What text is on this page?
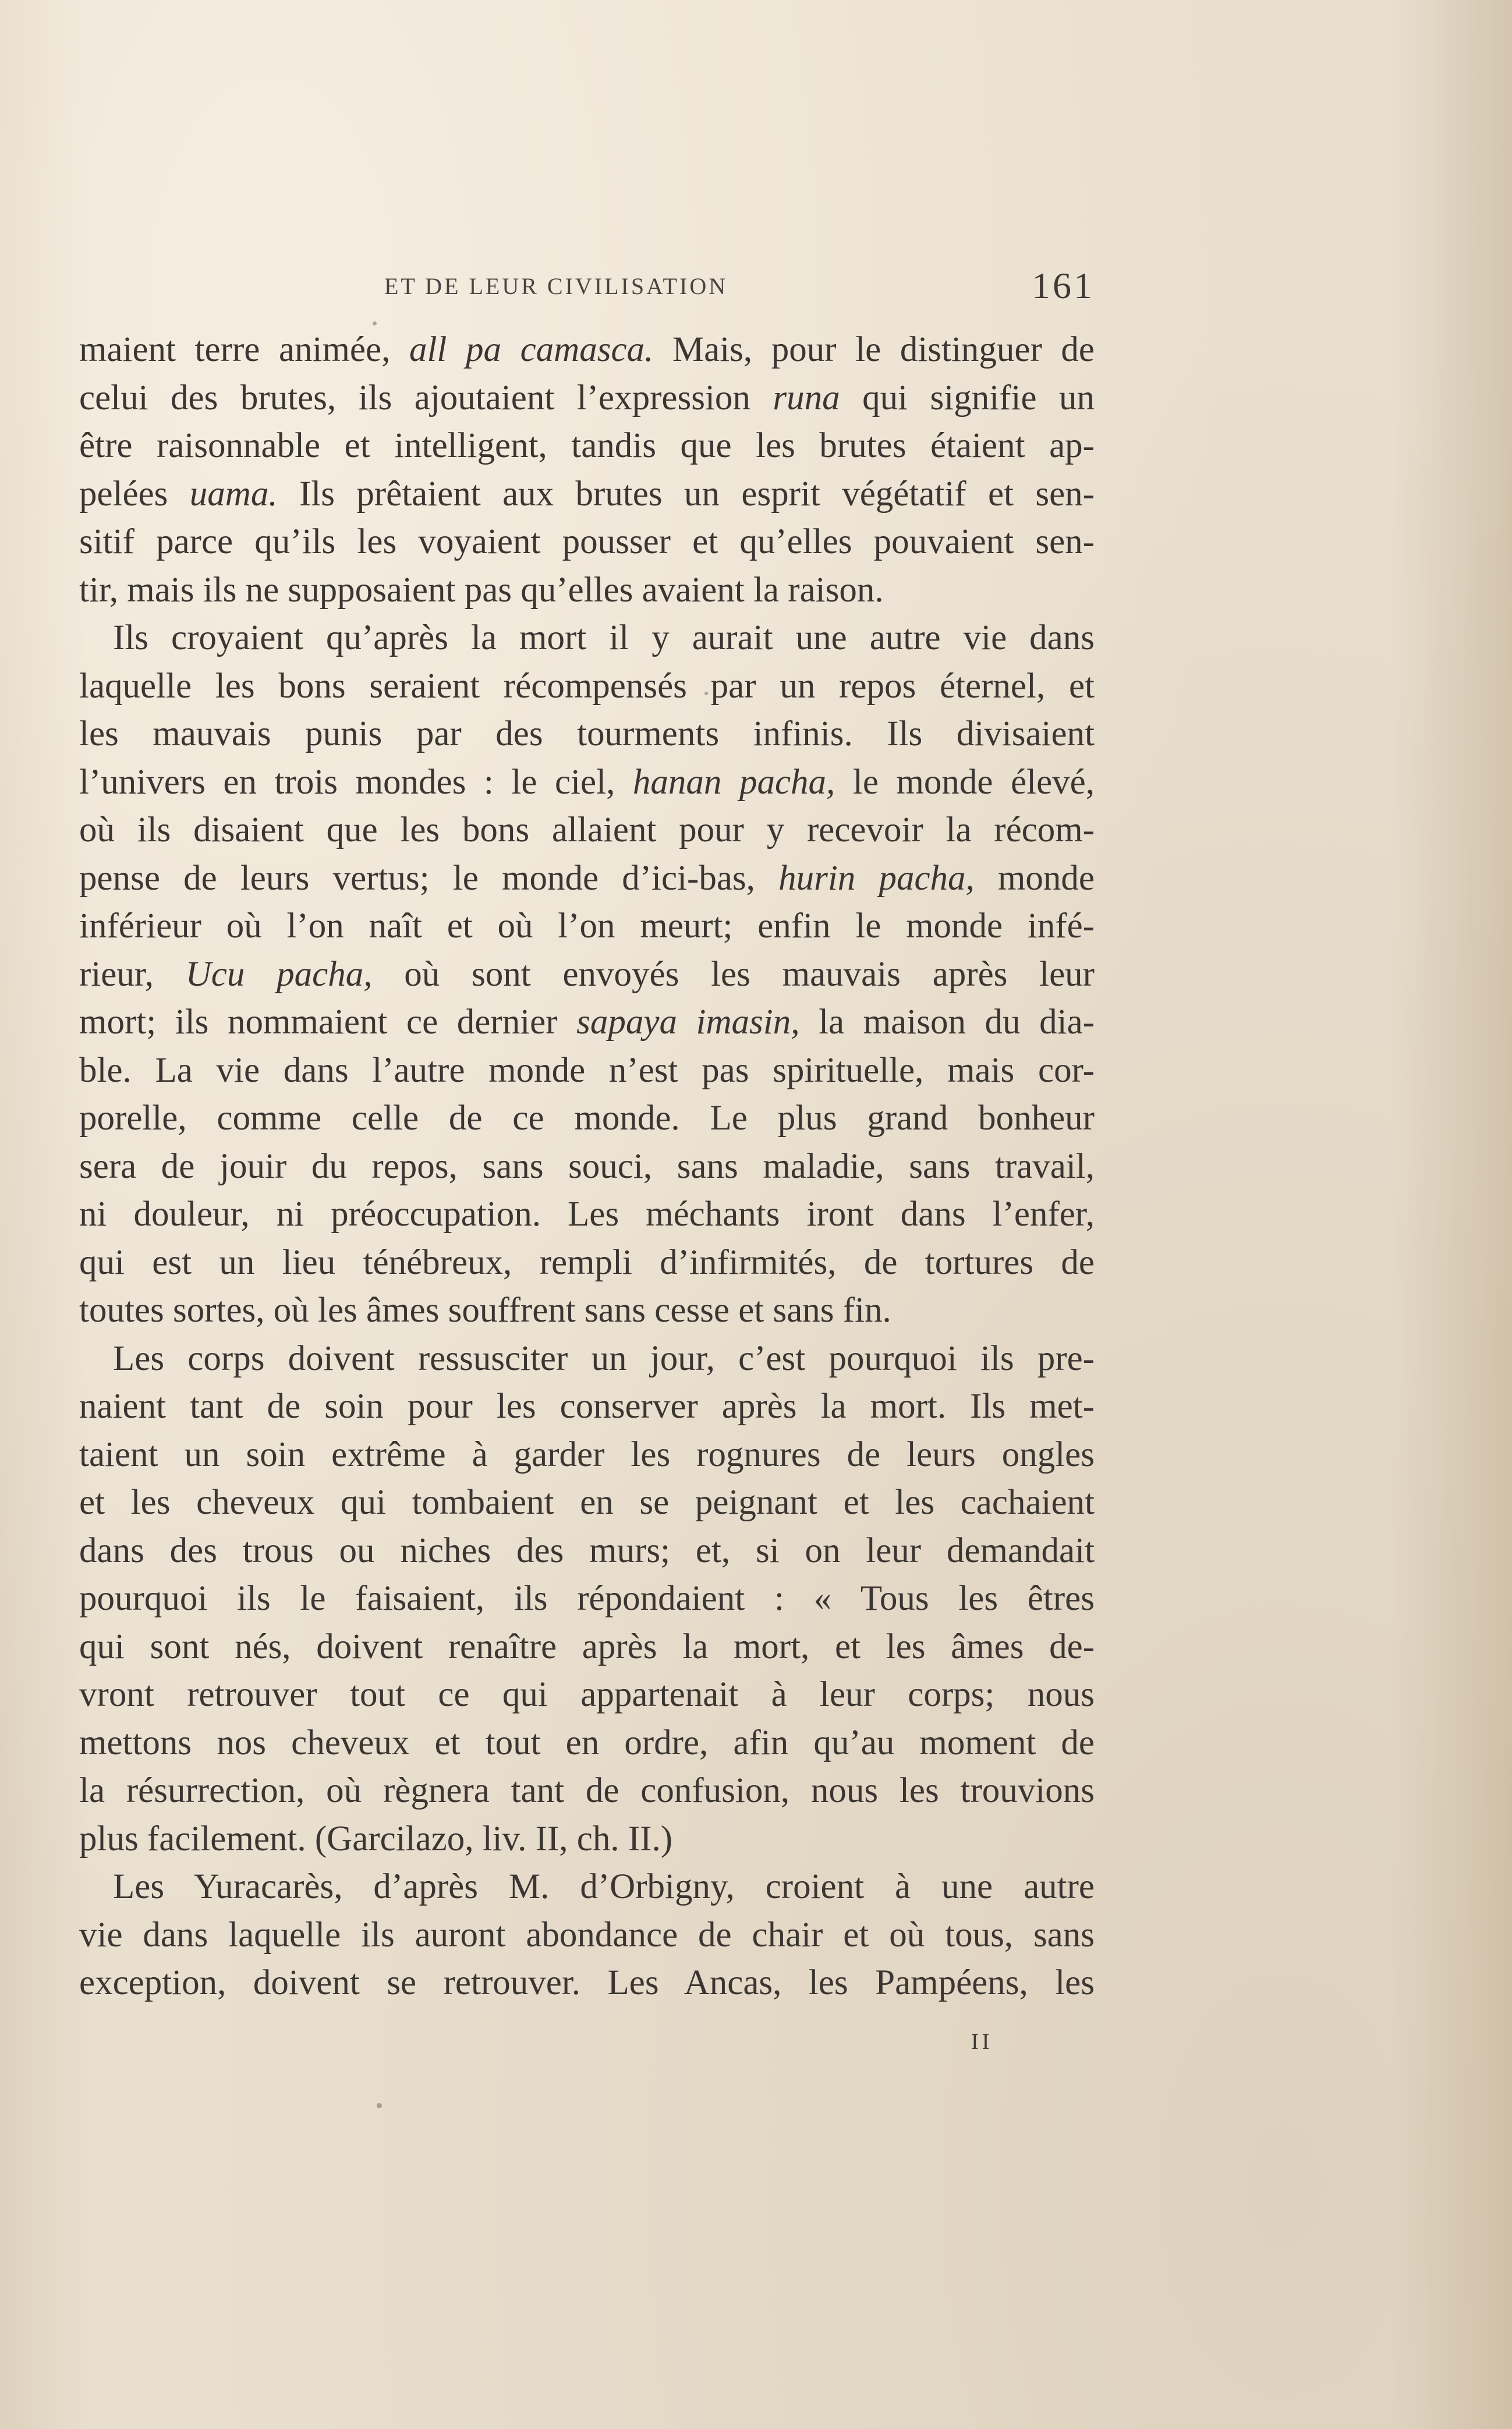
ET DE LEUR CIVILISATION	161
maient terre animée, all pa camasca. Mais, pour le distinguer de
celui des brutes, ils ajoutaient l’expression runa qui signifie un
être raisonnable et intelligent, tandis que les brutes étaient ap-
pelées uama. Ils prêtaient aux brutes un esprit végétatif et sen-
sitif parce qu’ils les voyaient pousser et qu’elles pouvaient sen-
tir, mais ils ne supposaient pas qu’elles avaient la raison.
Ils croyaient qu’après la mort il y aurait une autre vie dans
laquelle les bons seraient récompensés par un repos éternel, et
les mauvais punis par des tourments infinis. Ils divisaient
l’univers en trois mondes : le ciel, hanan pacha, le monde élevé,
où ils disaient que les bons allaient pour y recevoir la récom-
pense de leurs vertus; le monde d’ici-bas, hurin pacha, monde
inférieur où l’on naît et où l’on meurt; enfin le monde infé-
rieur, Ucu pacha, où sont envoyés les mauvais après leur
mort; ils nommaient ce dernier sapaya imasin, la maison du dia-
ble. La vie dans l’autre monde n’est pas spirituelle, mais cor-
porelle, comme celle de ce monde. Le plus grand bonheur
sera de jouir du repos, sans souci, sans maladie, sans travail,
ni douleur, ni préoccupation. Les méchants iront dans l’enfer,
qui est un lieu ténébreux, rempli d’infirmités, de tortures de
toutes sortes, où les âmes souffrent sans cesse et sans fin.
Les corps doivent ressusciter un jour, c’est pourquoi ils pre-
naient tant de soin pour les conserver après la mort. Ils met-
taient un soin extrême à garder les rognures de leurs ongles
et les cheveux qui tombaient en se peignant et les cachaient
dans des trous ou niches des murs; et, si on leur demandait
pourquoi ils le faisaient, ils répondaient : « Tous les êtres
qui sont nés, doivent renaître après la mort, et les âmes de-
vront retrouver tout ce qui appartenait à leur corps; nous
mettons nos cheveux et tout en ordre, afin qu’au moment de
la résurrection, où règnera tant de confusion, nous les trouvions
plus facilement. (Garcilazo, liv. II, ch. II.)
Les Yuracarès, d’après M. d’Orbigny, croient à une autre
vie dans laquelle ils auront abondance de chair et où tous, sans
exception, doivent se retrouver. Les Ancas, les Pampéens, les
II
